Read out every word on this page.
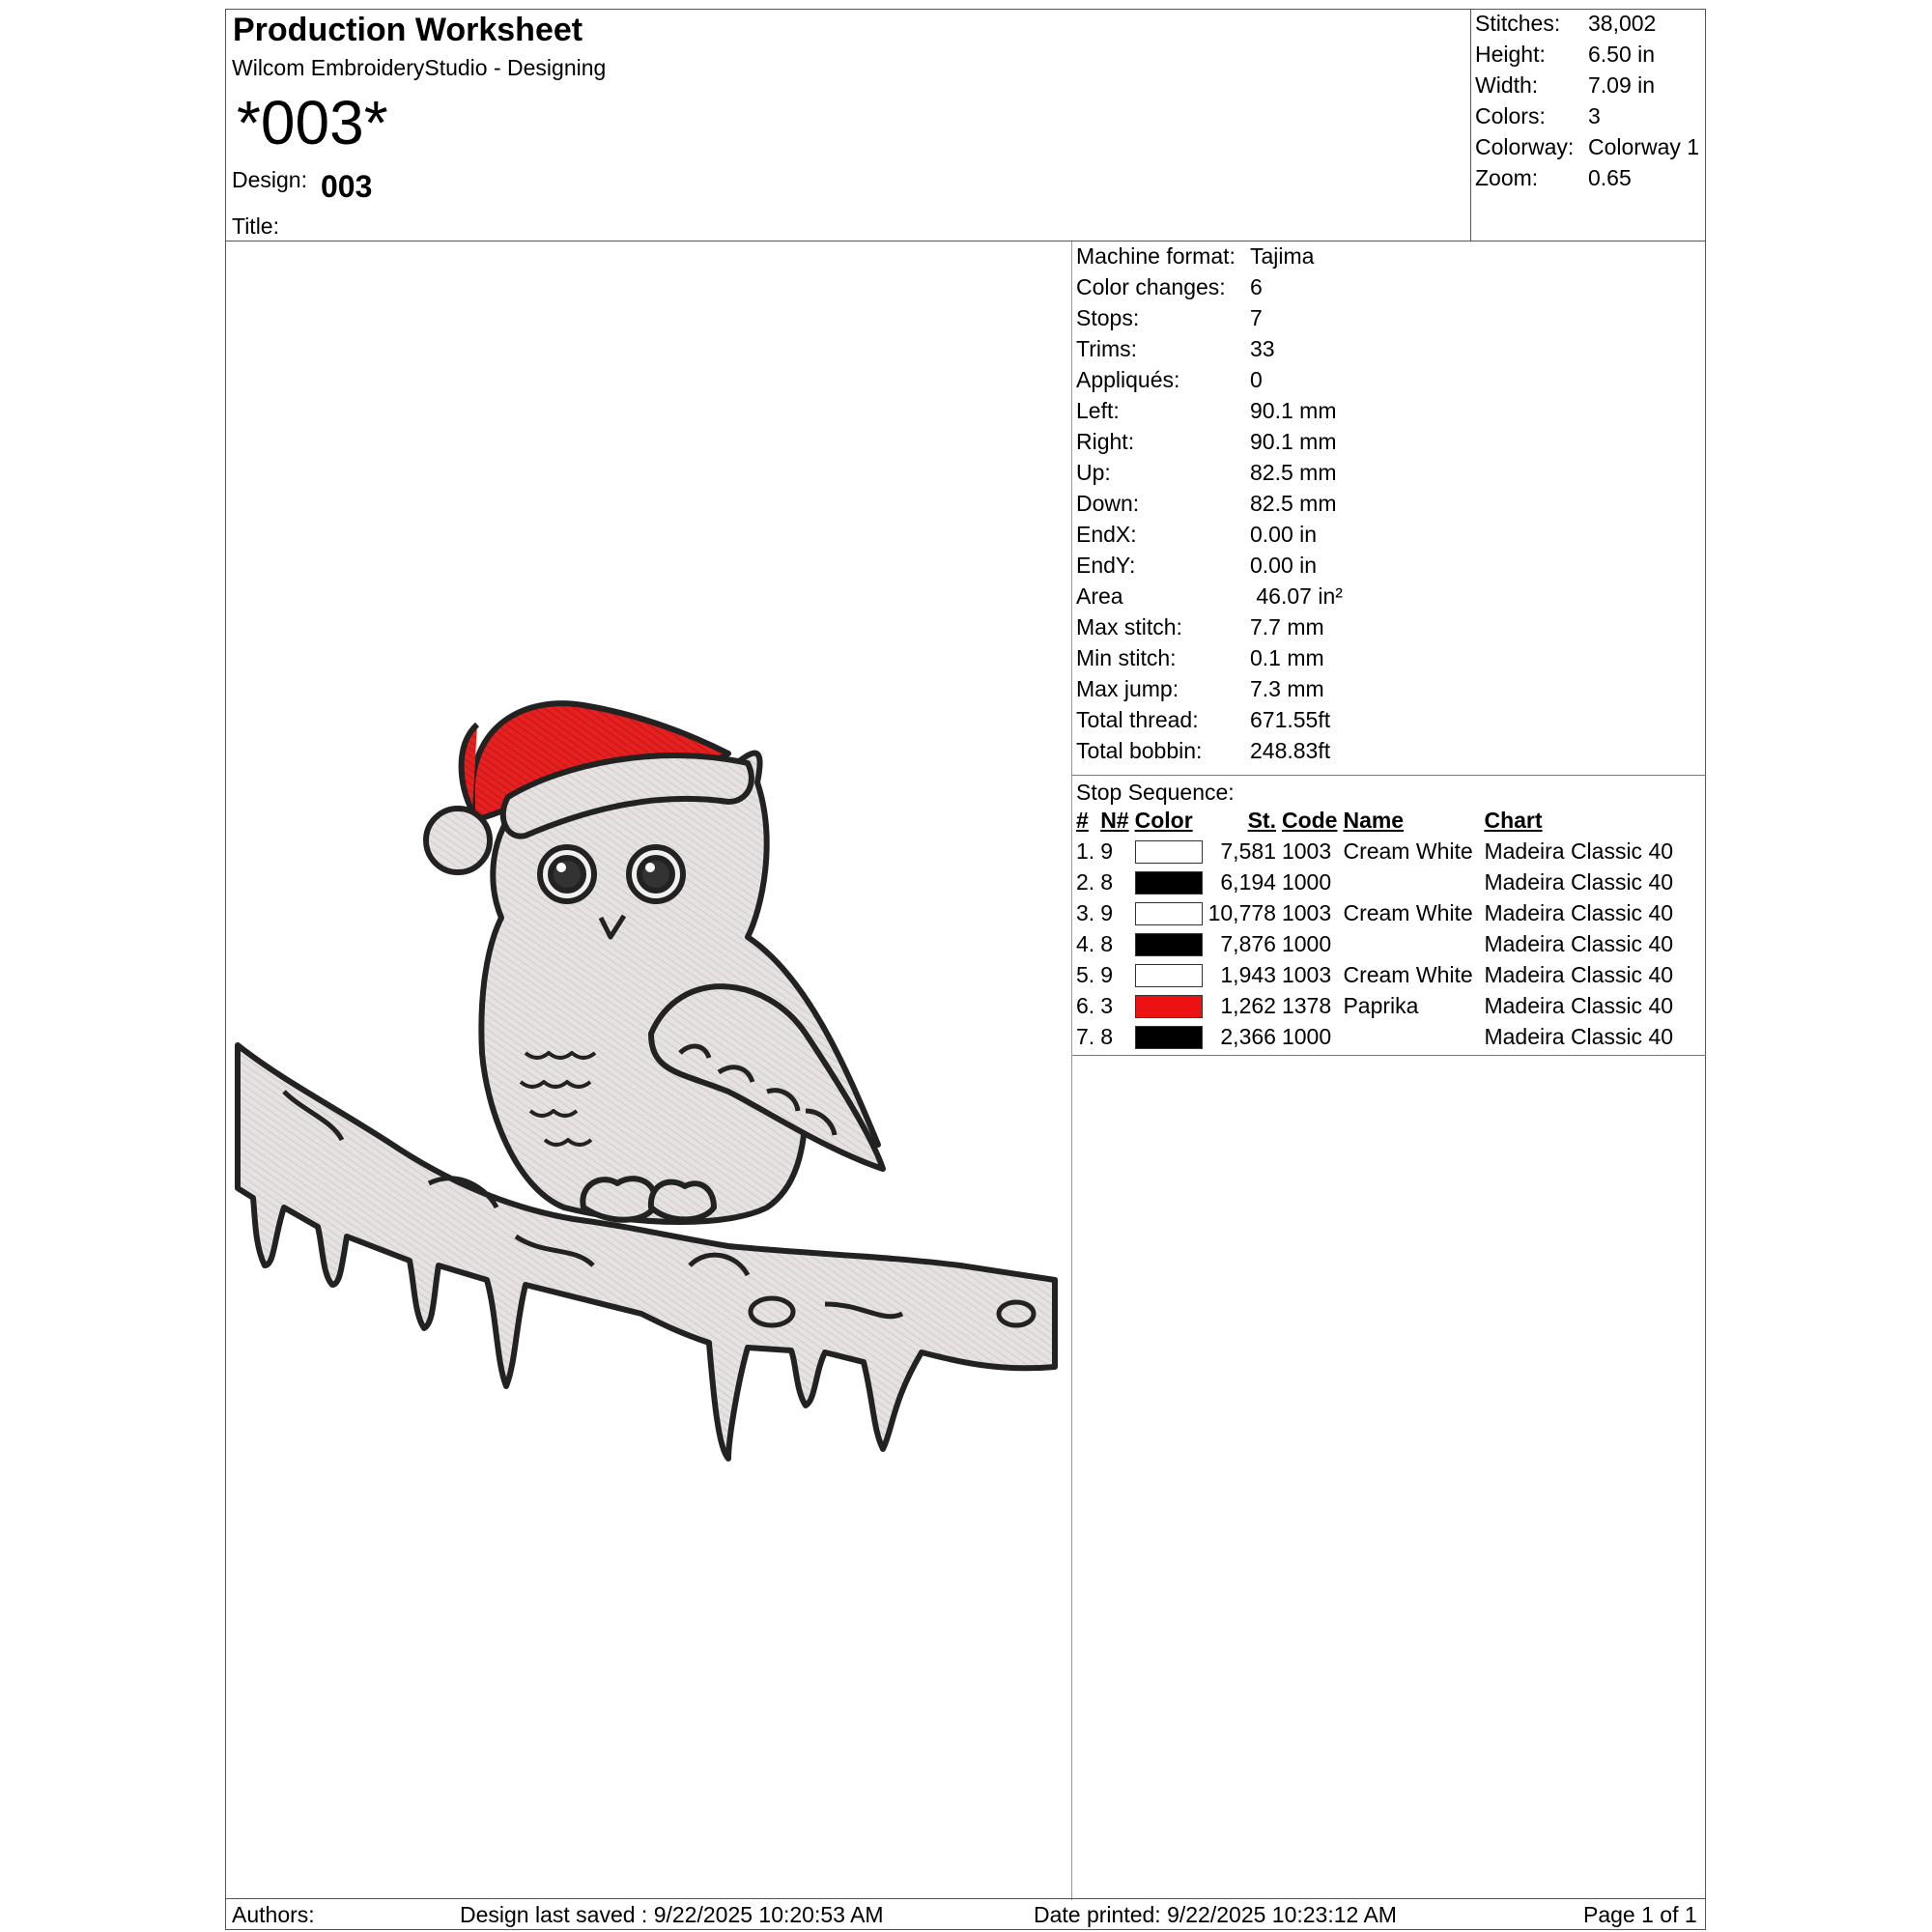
Production Worksheet
Wilcom EmbroideryStudio - Designing
*003*
Design: 003
Title:
Stitches: 38,002
Height: 6.50 in
Width: 7.09 in
Colors: 3
Colorway: Colorway 1
Zoom: 0.65
Machine format: Tajima
Color changes: 6
Stops:	7
Trims:	33
Appliqués:	0
Left:	90.1 mm
Right:	90.1 mm
Up:	82.5 mm
Down:	82.5 mm
EndX:	0.00 in
EndY:	0.00 in
Area	46.07 in²
Max stitch:	7.7 mm
Min stitch:	0.1 mm
Max jump:	7.3 mm
Total thread: 671.55ft
Total bobbin: 248.83ft
Stop Sequence:
#	N#	Color	St.	Code	Name	Chart
1.	9		7,581	1003	Cream White	Madeira Classic 40
2.	8		6,194	1000		Madeira Classic 40
3.	9		10,778	1003	Cream White	Madeira Classic 40
4.	8		7,876	1000		Madeira Classic 40
5.	9		1,943	1003	Cream White	Madeira Classic 40
6.	3		1,262	1378	Paprika	Madeira Classic 40
7.	8		2,366	1000		Madeira Classic 40
Authors:	Design last saved : 9/22/2025 10:20:53 AM	Date printed: 9/22/2025 10:23:12 AM	Page 1 of 1
